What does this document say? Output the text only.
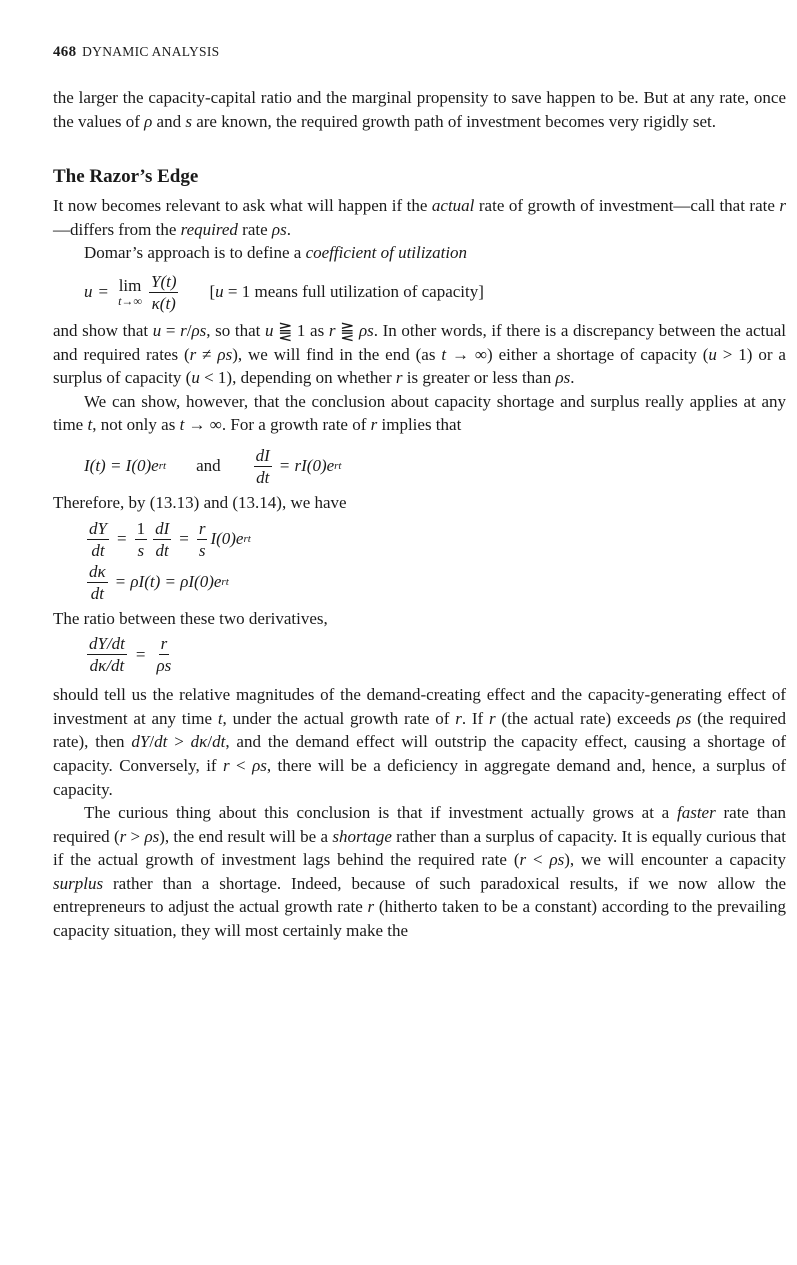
468 DYNAMIC ANALYSIS

the larger the capacity-capital ratio and the marginal propensity to save happen to be. But at any rate, once the values of ρ and s are known, the required growth path of investment becomes very rigidly set.

The Razor’s Edge

It now becomes relevant to ask what will happen if the actual rate of growth of investment—call that rate r—differs from the required rate ρs.

Domar’s approach is to define a coefficient of utilization

u = lim
$t\to\infty \frac{Y(t)}{\kappa(t)} [u = 1$ means full utilization of capacity]

and show that u = r/ρs, so that u ⪌ 1 as r ⪌ ρs. In other words, if there is a discrepancy between the actual and required rates (r ≠ ρs), we will find in the end (as t → ∞) either a shortage of capacity (u > 1) or a surplus of capacity (u < 1), depending on whether r is greater or less than ρs.

We can show, however, that the conclusion about capacity shortage and surplus really applies at any time t, not only as t → ∞. For a growth rate of r implies that

I(t) = I(0)e rt and $\frac{dI}{dt} = rI(0)e$ rt

Therefore, by (13.13) and (13.14), we have

$\frac{dY}{dt} = \frac{1}{s} \frac{dI}{dt} = \frac{r}{s} I(0)e$ rt
$\frac{d\kappa}{dt} = \rho I(t) = \rho I(0)e$ rt

The ratio between these two derivatives,

$\frac{dY/dt}{d\kappa/dt} = \frac{r}{\rho s}$

should tell us the relative magnitudes of the demand-creating effect and the capacity-generating effect of investment at any time t, under the actual growth rate of r. If r (the actual rate) exceeds ρs (the required rate), then dY/dt > dκ/dt, and the demand effect will outstrip the capacity effect, causing a shortage of capacity. Conversely, if r < ρs, there will be a deficiency in aggregate demand and, hence, a surplus of capacity.

The curious thing about this conclusion is that if investment actually grows at a faster rate than required (r > ρs), the end result will be a shortage rather than a surplus of capacity. It is equally curious that if the actual growth of investment lags behind the required rate (r < ρs), we will encounter a capacity surplus rather than a shortage. Indeed, because of such paradoxical results, if we now allow the entrepreneurs to adjust the actual growth rate r (hitherto taken to be a constant) according to the prevailing capacity situation, they will most certainly make the
